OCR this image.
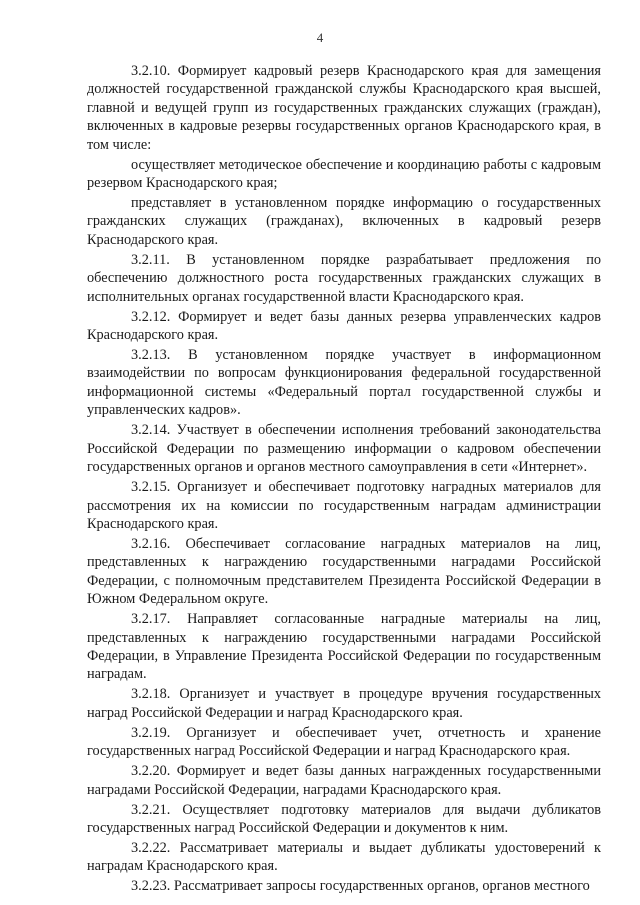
4

3.2.10. Формирует кадровый резерв Краснодарского края для замещения должностей государственной гражданской службы Краснодарского края высшей, главной и ведущей групп из государственных гражданских служащих (граждан), включенных в кадровые резервы государственных органов Краснодарского края, в том числе:

осуществляет методическое обеспечение и координацию работы с кадровым резервом Краснодарского края;

представляет в установленном порядке информацию о государственных гражданских служащих (гражданах), включенных в кадровый резерв Краснодарского края.

3.2.11. В установленном порядке разрабатывает предложения по обеспечению должностного роста государственных гражданских служащих в исполнительных органах государственной власти Краснодарского края.

3.2.12. Формирует и ведет базы данных резерва управленческих кадров Краснодарского края.

3.2.13. В установленном порядке участвует в информационном взаимодействии по вопросам функционирования федеральной государственной информационной системы «Федеральный портал государственной службы и управленческих кадров».

3.2.14. Участвует в обеспечении исполнения требований законодательства Российской Федерации по размещению информации о кадровом обеспечении государственных органов и органов местного самоуправления в сети «Интернет».

3.2.15. Организует и обеспечивает подготовку наградных материалов для рассмотрения их на комиссии по государственным наградам администрации Краснодарского края.

3.2.16. Обеспечивает согласование наградных материалов на лиц, представленных к награждению государственными наградами Российской Федерации, с полномочным представителем Президента Российской Федерации в Южном Федеральном округе.

3.2.17. Направляет согласованные наградные материалы на лиц, представленных к награждению государственными наградами Российской Федерации, в Управление Президента Российской Федерации по государственным наградам.

3.2.18. Организует и участвует в процедуре вручения государственных наград Российской Федерации и наград Краснодарского края.

3.2.19. Организует и обеспечивает учет, отчетность и хранение государственных наград Российской Федерации и наград Краснодарского края.

3.2.20. Формирует и ведет базы данных награжденных государственными наградами Российской Федерации, наградами Краснодарского края.

3.2.21. Осуществляет подготовку материалов для выдачи дубликатов государственных наград Российской Федерации и документов к ним.

3.2.22. Рассматривает материалы и выдает дубликаты удостоверений к наградам Краснодарского края.

3.2.23. Рассматривает запросы государственных органов, органов местного
